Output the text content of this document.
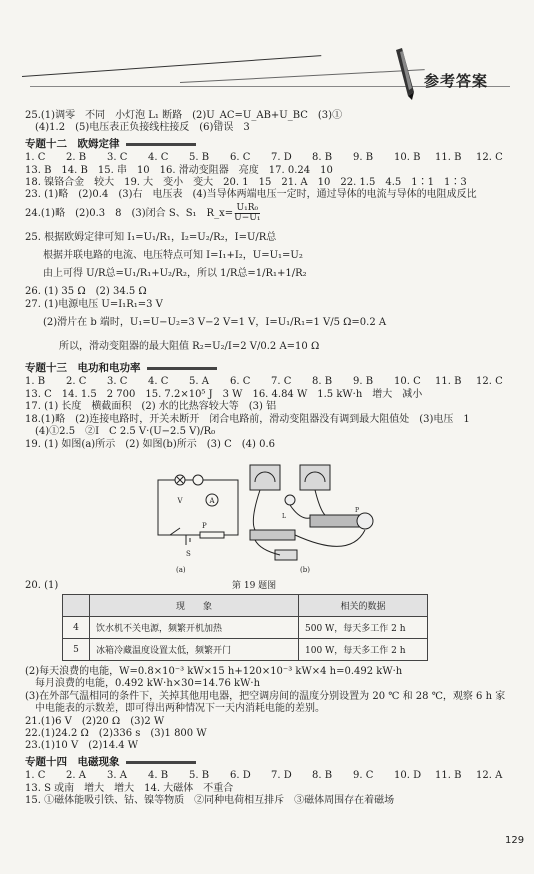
参考答案
25.(1)调零　不同　小灯泡 L₁ 断路　(2)U_AC=U_AB+U_BC　(3)①
　(4)1.2　(5)电压表正负接线柱接反　(6)错误　3
专题十二　欧姆定律
1. C	2. B	3. C	4. C	5. B	6. C	7. D	8. B	9. B	10. B	11. B	12. C
13. B　14. B　15. 串　10　16. 滑动变阻器　亮度　17. 0.24　10
18. 镍铬合金　较大　19. 大　变小　变大　20. 1　15　21. A　10　22. 1.5　4.5　1∶1　1∶3
23. (1)略　(2)0.4　(3)右　电压表　(4)当导体两端电压一定时，通过导体的电流与导体的电阻成反比
24.(1)略　(2)0.3　8　(3)闭合 S、S₁ 　R_x= $\frac{\text{U₁R₀}}{\text{U−U₁}}$
25. 根据欧姆定律可知 I₁=U₁/R₁，I₂=U₂/R₂，I=U/R总
根据并联电路的电流、电压特点可知 I=I₁+I₂，U=U₁=U₂
由上可得 U/R总=U₁/R₁+U₂/R₂，所以 1/R总=1/R₁+1/R₂
26. (1) 35 Ω　(2) 34.5 Ω
27. (1)电源电压 U=I₁R₁=3 V
(2)滑片在 b 端时，U₁=U−U₂=3 V−2 V=1 V，I=U₁/R₁=1 V/5 Ω=0.2 A
所以，滑动变阻器的最大阻值 R₂=U₂/I=2 V/0.2 A=10 Ω
专题十三　电功和电功率
1. B	2. C	3. C	4. C	5. A	6. C	7. C	8. B	9. B	10. C	11. B	12. C
13. C　14. 1.5　2 700　15. 7.2×10⁵ J　3 W　16. 4.84 W　1.5 kW·h　增大　减小
17. (1) 长度　横截面积　(2) 水的比热容较大等　(3) 铝
18.(1)略　(2)连接电路时，开关未断开　闭合电路前，滑动变阻器没有调到最大阻值处　(3)电压　1
　(4)①2.5　②I　C 2.5 V·(U−2.5 V)/R₀
19. (1) 如图(a)所示　(2) 如图(b)所示　(3) C　(4) 0.6
V	A
S
P
L
P
(a)	(b)
第 19 题图
20. (1)
	现　　象	相关的数据
4	饮水机不关电源，频繁开机加热	500 W，每天多工作 2 h
5	冰箱冷藏温度设置太低，频繁开门	100 W，每天多工作 2 h
(2)每天浪费的电能，W=0.8×10⁻³ kW×15 h+120×10⁻³ kW×4 h=0.492 kW·h
　每月浪费的电能，0.492 kW·h×30=14.76 kW·h
(3)在外部气温相同的条件下，关掉其他用电器，把空调房间的温度分别设置为 20 ℃ 和 28 ℃，观察 6 h 家
　中电能表的示数差，即可得出两种情况下一天内消耗电能的差别。
21.(1)6 V　(2)20 Ω　(3)2 W
22.(1)24.2 Ω　(2)336 s　(3)1 800 W
23.(1)10 V　(2)14.4 W
专题十四　电磁现象
1. C	2. A	3. A	4. B	5. B	6. D	7. D	8. B	9. C	10. D	11. B	12. A
13. S 或南　增大　增大　14. 大磁体　不重合
15. ①磁体能吸引铁、钴、镍等物质　②同种电荷相互排斥　③磁体周围存在着磁场
129
